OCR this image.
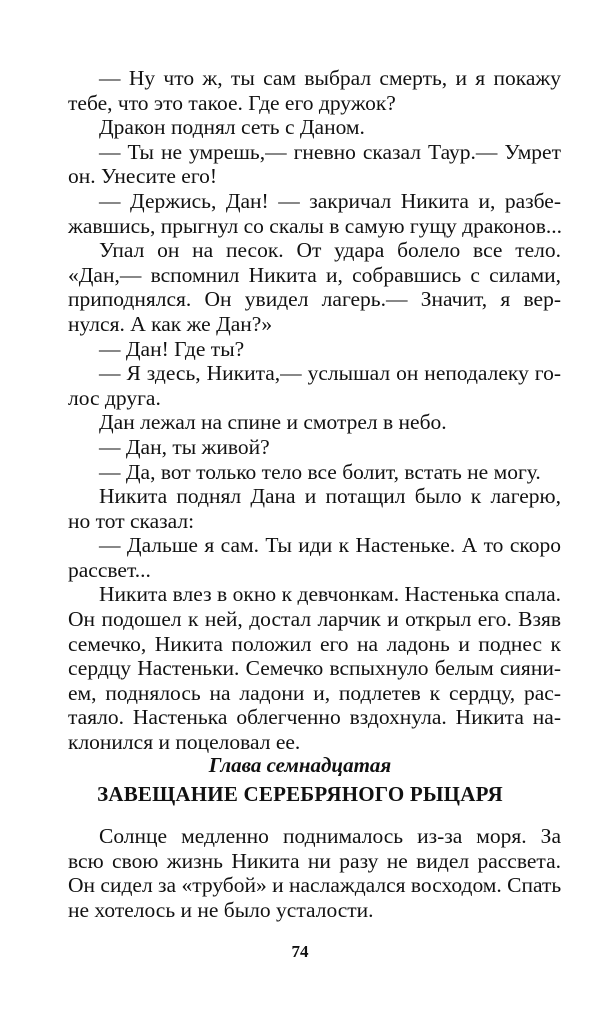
— Ну что ж, ты сам выбрал смерть, и я покажу
тебе, что это такое. Где его дружок?
Дракон поднял сеть с Даном.
— Ты не умрешь,— гневно сказал Таур.— Умрет
он. Унесите его!
— Держись, Дан! — закричал Никита и, разбе-
жавшись, прыгнул со скалы в самую гущу драконов...
Упал он на песок. От удара болело все тело.
«Дан,— вспомнил Никита и, собравшись с силами,
приподнялся. Он увидел лагерь.— Значит, я вер-
нулся. А как же Дан?»
— Дан! Где ты?
— Я здесь, Никита,— услышал он неподалеку го-
лос друга.
Дан лежал на спине и смотрел в небо.
— Дан, ты живой?
— Да, вот только тело все болит, встать не могу.
Никита поднял Дана и потащил было к лагерю,
но тот сказал:
— Дальше я сам. Ты иди к Настеньке. А то скоро
рассвет...
Никита влез в окно к девчонкам. Настенька спала.
Он подошел к ней, достал ларчик и открыл его. Взяв
семечко, Никита положил его на ладонь и поднес к
сердцу Настеньки. Семечко вспыхнуло белым сияни-
ем, поднялось на ладони и, подлетев к сердцу, рас-
таяло. Настенька облегченно вздохнула. Никита на-
клонился и поцеловал ее.
Глава семнадцатая
ЗАВЕЩАНИЕ СЕРЕБРЯНОГО РЫЦАРЯ
Солнце медленно поднималось из-за моря. За
всю свою жизнь Никита ни разу не видел рассвета.
Он сидел за «трубой» и наслаждался восходом. Спать
не хотелось и не было усталости.
74
